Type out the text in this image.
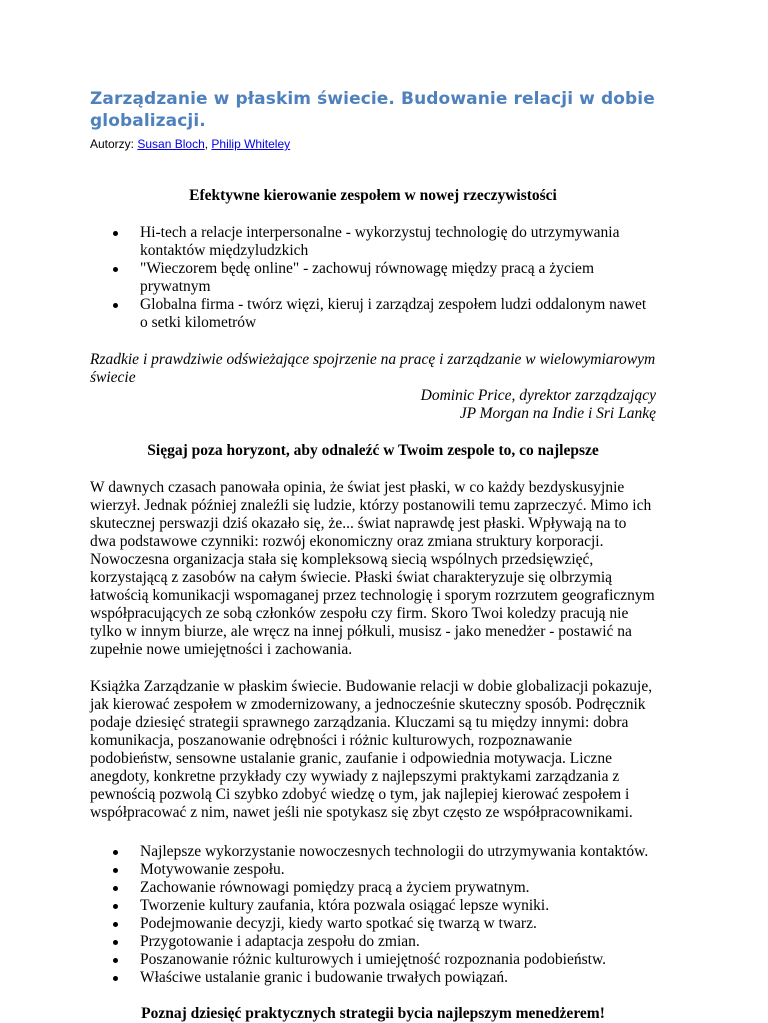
Zarządzanie w płaskim świecie. Budowanie relacji w dobie globalizacji.
Autorzy: Susan Bloch, Philip Whiteley

Efektywne kierowanie zespołem w nowej rzeczywistości

Hi-tech a relacje interpersonalne - wykorzystuj technologię do utrzymywania kontaktów międzyludzkich
"Wieczorem będę online" - zachowuj równowagę między pracą a życiem prywatnym
Globalna firma - twórz więzi, kieruj i zarządzaj zespołem ludzi oddalonym nawet o setki kilometrów
Rzadkie i prawdziwie odświeżające spojrzenie na pracę i zarządzanie w wielowymiarowym świecie
Dominic Price, dyrektor zarządzający
JP Morgan na Indie i Sri Lankę

Sięgaj poza horyzont, aby odnaleźć w Twoim zespole to, co najlepsze

W dawnych czasach panowała opinia, że świat jest płaski, w co każdy bezdyskusyjnie wierzył. Jednak później znaleźli się ludzie, którzy postanowili temu zaprzeczyć. Mimo ich skutecznej perswazji dziś okazało się, że... świat naprawdę jest płaski. Wpływają na to dwa podstawowe czynniki: rozwój ekonomiczny oraz zmiana struktury korporacji. Nowoczesna organizacja stała się kompleksową siecią wspólnych przedsięwzięć, korzystającą z zasobów na całym świecie. Płaski świat charakteryzuje się olbrzymią łatwością komunikacji wspomaganej przez technologię i sporym rozrzutem geograficznym współpracujących ze sobą członków zespołu czy firm. Skoro Twoi koledzy pracują nie tylko w innym biurze, ale wręcz na innej półkuli, musisz - jako menedżer - postawić na zupełnie nowe umiejętności i zachowania.

Książka Zarządzanie w płaskim świecie. Budowanie relacji w dobie globalizacji pokazuje, jak kierować zespołem w zmodernizowany, a jednocześnie skuteczny sposób. Podręcznik podaje dziesięć strategii sprawnego zarządzania. Kluczami są tu między innymi: dobra komunikacja, poszanowanie odrębności i różnic kulturowych, rozpoznawanie podobieństw, sensowne ustalanie granic, zaufanie i odpowiednia motywacja. Liczne anegdoty, konkretne przykłady czy wywiady z najlepszymi praktykami zarządzania z pewnością pozwolą Ci szybko zdobyć wiedzę o tym, jak najlepiej kierować zespołem i współpracować z nim, nawet jeśli nie spotykasz się zbyt często ze współpracownikami.

Najlepsze wykorzystanie nowoczesnych technologii do utrzymywania kontaktów.
Motywowanie zespołu.
Zachowanie równowagi pomiędzy pracą a życiem prywatnym.
Tworzenie kultury zaufania, która pozwala osiągać lepsze wyniki.
Podejmowanie decyzji, kiedy warto spotkać się twarzą w twarz.
Przygotowanie i adaptacja zespołu do zmian.
Poszanowanie różnic kulturowych i umiejętność rozpoznania podobieństw.
Właściwe ustalanie granic i budowanie trwałych powiązań.

Poznaj dziesięć praktycznych strategii bycia najlepszym menedżerem!
